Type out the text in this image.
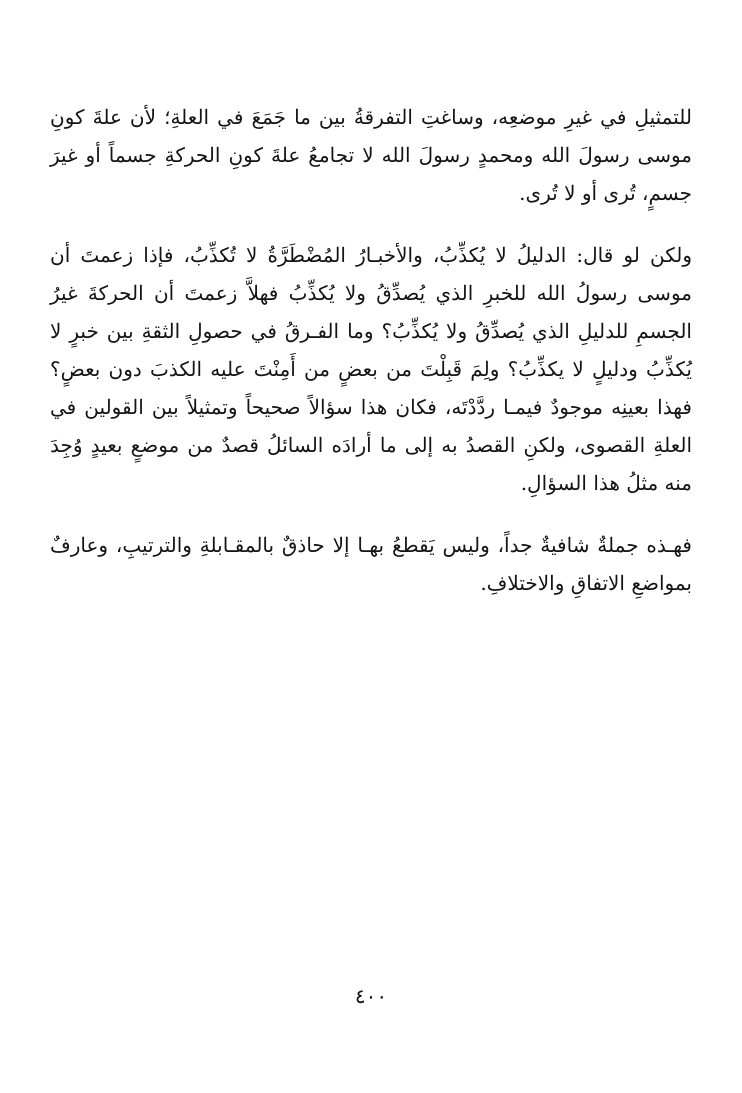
للتمثيلِ في غيرِ موضعِه، وساغتِ التفرقةُ بين ما جَمَعَ في العلةِ؛ لأن علةَ كونِ موسى رسولَ الله ومحمدٍ رسولَ الله لا تجامعُ علةَ كونِ الحركةِ جسماً أو غيرَ جسمٍ، تُرى أو لا تُرى.

ولكن لو قال: الدليلُ لا يُكذِّبُ، والأخبـارُ المُضْطَرَّةُ لا تُكذِّبُ، فإذا زعمتَ أن موسى رسولُ الله للخبرِ الذي يُصدِّقُ ولا يُكذِّبُ فهلاَّ زعمتَ أن الحركةَ غيرُ الجسمِ للدليلِ الذي يُصدِّقُ ولا يُكذِّبُ؟ وما الفـرقُ في حصولِ الثقةِ بين خبرٍ لا يُكذِّبُ ودليلٍ لا يكذِّبُ؟ ولِمَ قَبِلْتَ من بعضٍ من أَمِنْتَ عليه الكذبَ دون بعضٍ؟ فهذا بعينِه موجودٌ فيمـا ردَّدْتَه، فكان هذا سؤالاً صحيحاً وتمثيلاً بين القولين في العلةِ القصوى، ولكنِ القصدُ به إلى ما أرادَه السائلُ قصدٌ من موضعٍ بعيدٍ وُجِدَ منه مثلُ هذا السؤالِ.

فهـذه جملةٌ شافيةٌ جداً، وليس يَقطعُ بهـا إلا حاذقٌ بالمقـابلةِ والترتيبِ، وعارفٌ بمواضعِ الاتفاقِ والاختلافِ.

٤٠٠
